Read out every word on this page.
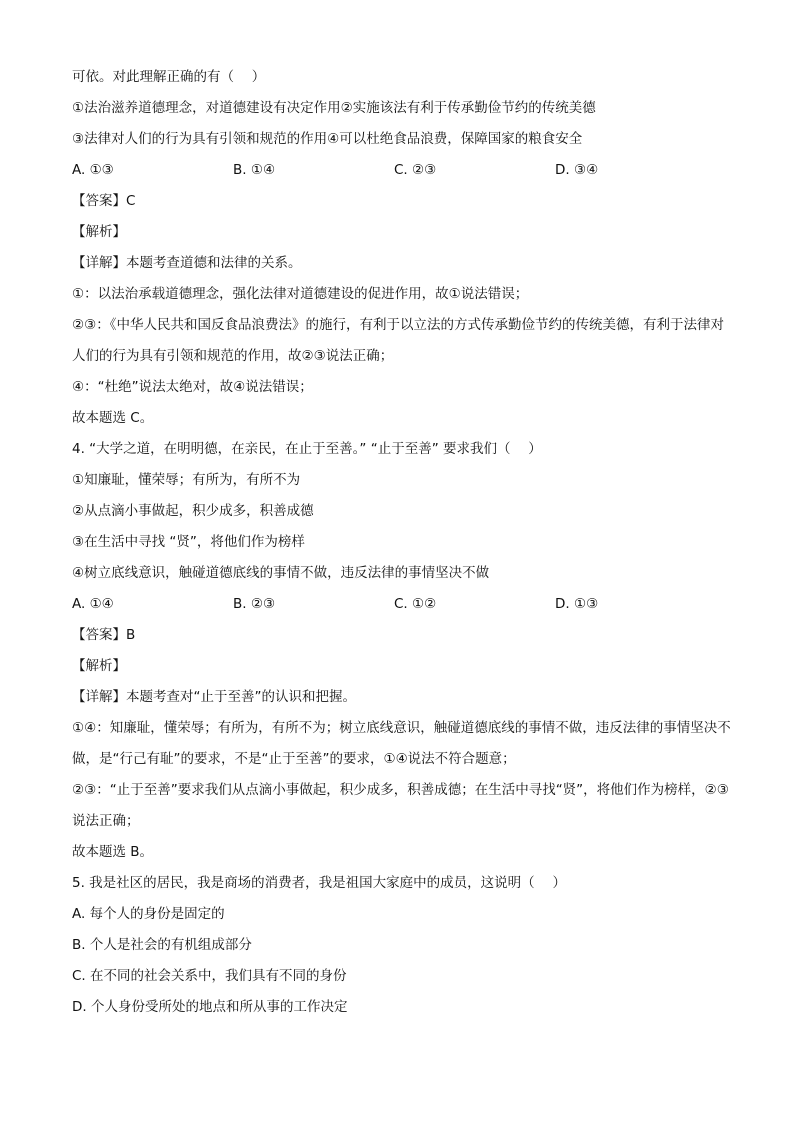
可依。对此理解正确的有（　 ）
①法治滋养道德理念，对道德建设有决定作用②实施该法有利于传承勤俭节约的传统美德
③法律对人们的行为具有引领和规范的作用④可以杜绝食品浪费，保障国家的粮食安全
A. ①③	B. ①④	C. ②③	D. ③④
【答案】C
【解析】
【详解】本题考查道德和法律的关系。
①：以法治承载道德理念，强化法律对道德建设的促进作用，故①说法错误；
②③：《中华人民共和国反食品浪费法》的施行，有利于以立法的方式传承勤俭节约的传统美德，有利于法律对人们的行为具有引领和规范的作用，故②③说法正确；
④：“杜绝”说法太绝对，故④说法错误；
故本题选 C。
4. “大学之道，在明明德，在亲民，在止于至善。” “止于至善” 要求我们（　 ）
①知廉耻，懂荣辱；有所为，有所不为
②从点滴小事做起，积少成多，积善成德
③在生活中寻找 “贤”，将他们作为榜样
④树立底线意识，触碰道德底线的事情不做，违反法律的事情坚决不做
A. ①④	B. ②③	C. ①②	D. ①③
【答案】B
【解析】
【详解】本题考查对“止于至善”的认识和把握。
①④：知廉耻，懂荣辱；有所为，有所不为；树立底线意识，触碰道德底线的事情不做，违反法律的事情坚决不做，是“行己有耻”的要求，不是“止于至善”的要求，①④说法不符合题意；
②③：“止于至善”要求我们从点滴小事做起，积少成多，积善成德；在生活中寻找“贤”，将他们作为榜样，②③说法正确；
故本题选 B。
5. 我是社区的居民，我是商场的消费者，我是祖国大家庭中的成员，这说明（　 ）
A. 每个人的身份是固定的
B. 个人是社会的有机组成部分
C. 在不同的社会关系中，我们具有不同的身份
D. 个人身份受所处的地点和所从事的工作决定
